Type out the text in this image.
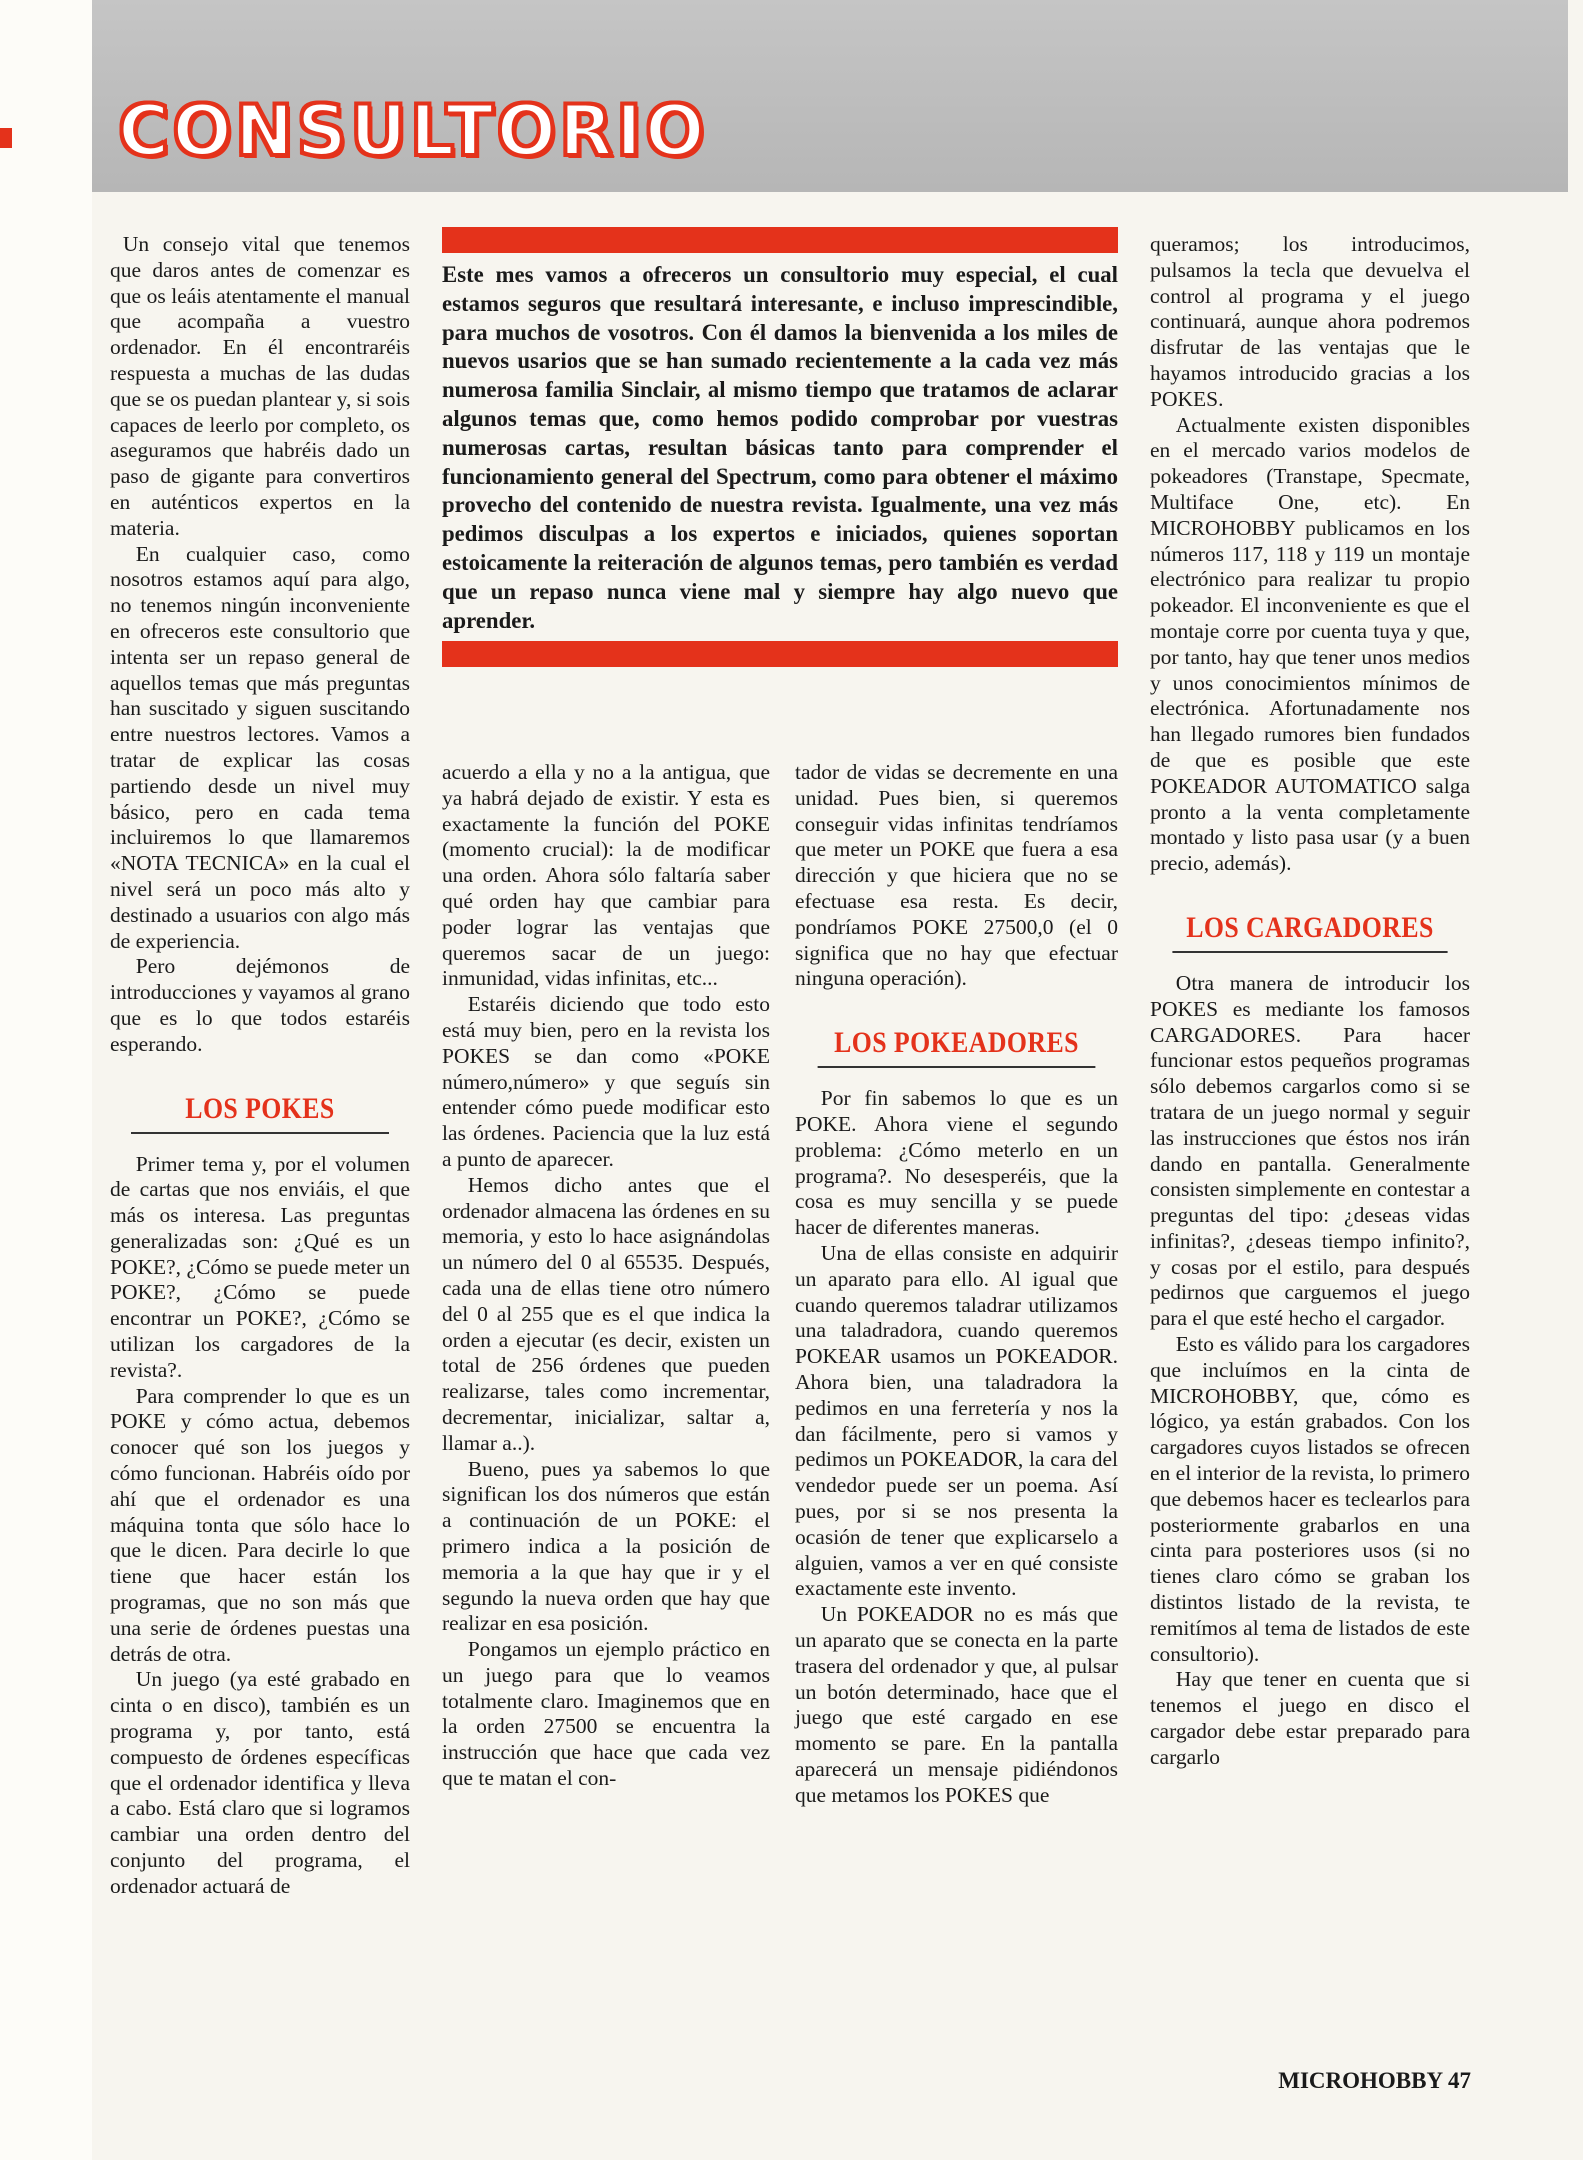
CONSULTORIO

Este mes vamos a ofreceros un consultorio muy especial, el cual estamos seguros que resultará interesante, e incluso imprescindible, para muchos de vosotros. Con él damos la bienvenida a los miles de nuevos usarios que se han sumado recientemente a la cada vez más numerosa familia Sinclair, al mismo tiempo que tratamos de aclarar algunos temas que, como hemos podido comprobar por vuestras numerosas cartas, resultan básicas tanto para comprender el funcionamiento general del Spectrum, como para obtener el máximo provecho del contenido de nuestra revista. Igualmente, una vez más pedimos disculpas a los expertos e iniciados, quienes soportan estoicamente la reiteración de algunos temas, pero también es verdad que un repaso nunca viene mal y siempre hay algo nuevo que aprender.

Un consejo vital que tenemos que daros antes de comenzar es que os leáis atentamente el manual que acompaña a vuestro ordenador. En él encontraréis respuesta a muchas de las dudas que se os puedan plantear y, si sois capaces de leerlo por completo, os aseguramos que habréis dado un paso de gigante para convertiros en auténticos expertos en la materia.

En cualquier caso, como nosotros estamos aquí para algo, no tenemos ningún inconveniente en ofreceros este consultorio que intenta ser un repaso general de aquellos temas que más preguntas han suscitado y siguen suscitando entre nuestros lectores. Vamos a tratar de explicar las cosas partiendo desde un nivel muy básico, pero en cada tema incluiremos lo que llamaremos «NOTA TECNICA» en la cual el nivel será un poco más alto y destinado a usuarios con algo más de experiencia.

Pero dejémonos de introducciones y vayamos al grano que es lo que todos estaréis esperando.

LOS POKES

Primer tema y, por el volumen de cartas que nos enviáis, el que más os interesa. Las preguntas generalizadas son: ¿Qué es un POKE?, ¿Cómo se puede meter un POKE?, ¿Cómo se puede encontrar un POKE?, ¿Cómo se utilizan los cargadores de la revista?.

Para comprender lo que es un POKE y cómo actua, debemos conocer qué son los juegos y cómo funcionan. Habréis oído por ahí que el ordenador es una máquina tonta que sólo hace lo que le dicen. Para decirle lo que tiene que hacer están los programas, que no son más que una serie de órdenes puestas una detrás de otra.

Un juego (ya esté grabado en cinta o en disco), también es un programa y, por tanto, está compuesto de órdenes específicas que el ordenador identifica y lleva a cabo. Está claro que si logramos cambiar una orden dentro del conjunto del programa, el ordenador actuará de

acuerdo a ella y no a la antigua, que ya habrá dejado de existir. Y esta es exactamente la función del POKE (momento crucial): la de modificar una orden. Ahora sólo faltaría saber qué orden hay que cambiar para poder lograr las ventajas que queremos sacar de un juego: inmunidad, vidas infinitas, etc...

Estaréis diciendo que todo esto está muy bien, pero en la revista los POKES se dan como «POKE número,número» y que seguís sin entender cómo puede modificar esto las órdenes. Paciencia que la luz está a punto de aparecer.

Hemos dicho antes que el ordenador almacena las órdenes en su memoria, y esto lo hace asignándolas un número del 0 al 65535. Después, cada una de ellas tiene otro número del 0 al 255 que es el que indica la orden a ejecutar (es decir, existen un total de 256 órdenes que pueden realizarse, tales como incrementar, decrementar, inicializar, saltar a, llamar a..).

Bueno, pues ya sabemos lo que significan los dos números que están a continuación de un POKE: el primero indica a la posición de memoria a la que hay que ir y el segundo la nueva orden que hay que realizar en esa posición.

Pongamos un ejemplo práctico en un juego para que lo veamos totalmente claro. Imaginemos que en la orden 27500 se encuentra la instrucción que hace que cada vez que te matan el con-

tador de vidas se decremente en una unidad. Pues bien, si queremos conseguir vidas infinitas tendríamos que meter un POKE que fuera a esa dirección y que hiciera que no se efectuase esa resta. Es decir, pondríamos POKE 27500,0 (el 0 significa que no hay que efectuar ninguna operación).

LOS POKEADORES

Por fin sabemos lo que es un POKE. Ahora viene el segundo problema: ¿Cómo meterlo en un programa?. No desesperéis, que la cosa es muy sencilla y se puede hacer de diferentes maneras.

Una de ellas consiste en adquirir un aparato para ello. Al igual que cuando queremos taladrar utilizamos una taladradora, cuando queremos POKEAR usamos un POKEADOR. Ahora bien, una taladradora la pedimos en una ferretería y nos la dan fácilmente, pero si vamos y pedimos un POKEADOR, la cara del vendedor puede ser un poema. Así pues, por si se nos presenta la ocasión de tener que explicarselo a alguien, vamos a ver en qué consiste exactamente este invento.

Un POKEADOR no es más que un aparato que se conecta en la parte trasera del ordenador y que, al pulsar un botón determinado, hace que el juego que esté cargado en ese momento se pare. En la pantalla aparecerá un mensaje pidiéndonos que metamos los POKES que

queramos; los introducimos, pulsamos la tecla que devuelva el control al programa y el juego continuará, aunque ahora podremos disfrutar de las ventajas que le hayamos introducido gracias a los POKES.

Actualmente existen disponibles en el mercado varios modelos de pokeadores (Transtape, Specmate, Multiface One, etc). En MICROHOBBY publicamos en los números 117, 118 y 119 un montaje electrónico para realizar tu propio pokeador. El inconveniente es que el montaje corre por cuenta tuya y que, por tanto, hay que tener unos medios y unos conocimientos mínimos de electrónica. Afortunadamente nos han llegado rumores bien fundados de que es posible que este POKEADOR AUTOMATICO salga pronto a la venta completamente montado y listo pasa usar (y a buen precio, además).

LOS CARGADORES

Otra manera de introducir los POKES es mediante los famosos CARGADORES. Para hacer funcionar estos pequeños programas sólo debemos cargarlos como si se tratara de un juego normal y seguir las instrucciones que éstos nos irán dando en pantalla. Generalmente consisten simplemente en contestar a preguntas del tipo: ¿deseas vidas infinitas?, ¿deseas tiempo infinito?, y cosas por el estilo, para después pedirnos que carguemos el juego para el que esté hecho el cargador.

Esto es válido para los cargadores que incluímos en la cinta de MICROHOBBY, que, cómo es lógico, ya están grabados. Con los cargadores cuyos listados se ofrecen en el interior de la revista, lo primero que debemos hacer es teclearlos para posteriormente grabarlos en una cinta para posteriores usos (si no tienes claro cómo se graban los distintos listado de la revista, te remitímos al tema de listados de este consultorio).

Hay que tener en cuenta que si tenemos el juego en disco el cargador debe estar preparado para cargarlo

MICROHOBBY 47
